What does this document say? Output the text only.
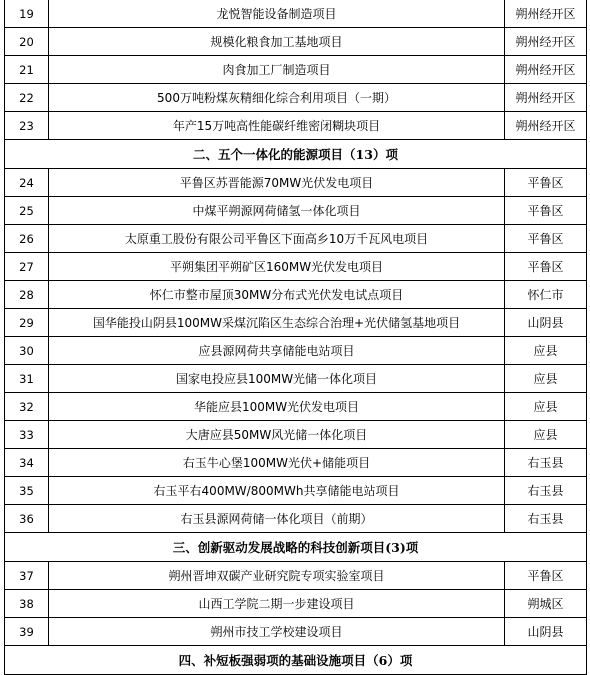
19	龙悦智能设备制造项目	朔州经开区
20	规模化粮食加工基地项目	朔州经开区
21	肉食加工厂制造项目	朔州经开区
22	500万吨粉煤灰精细化综合利用项目（一期）	朔州经开区
23	年产15万吨高性能碳纤维密闭糊块项目	朔州经开区
二、五个一体化的能源项目（13）项		
24	平鲁区苏晋能源70MW光伏发电项目	平鲁区
25	中煤平朔源网荷储氢一体化项目	平鲁区
26	太原重工股份有限公司平鲁区下面高乡10万千瓦风电项目	平鲁区
27	平朔集团平朔矿区160MW光伏发电项目	平鲁区
28	怀仁市整市屋顶30MW分布式光伏发电试点项目	怀仁市
29	国华能投山阴县100MW采煤沉陷区生态综合治理+光伏储氢基地项目	山阴县
30	应县源网荷共享储能电站项目	应县
31	国家电投应县100MW光储一体化项目	应县
32	华能应县100MW光伏发电项目	应县
33	大唐应县50MW风光储一体化项目	应县
34	右玉牛心堡100MW光伏+储能项目	右玉县
35	右玉平右400MW/800MWh共享储能电站项目	右玉县
36	右玉县源网荷储一体化项目（前期）	右玉县
三、创新驱动发展战略的科技创新项目(3)项		
37	朔州晋坤双碳产业研究院专项实验室项目	平鲁区
38	山西工学院二期一步建设项目	朔城区
39	朔州市技工学校建设项目	山阴县
四、补短板强弱项的基础设施项目（6）项		
